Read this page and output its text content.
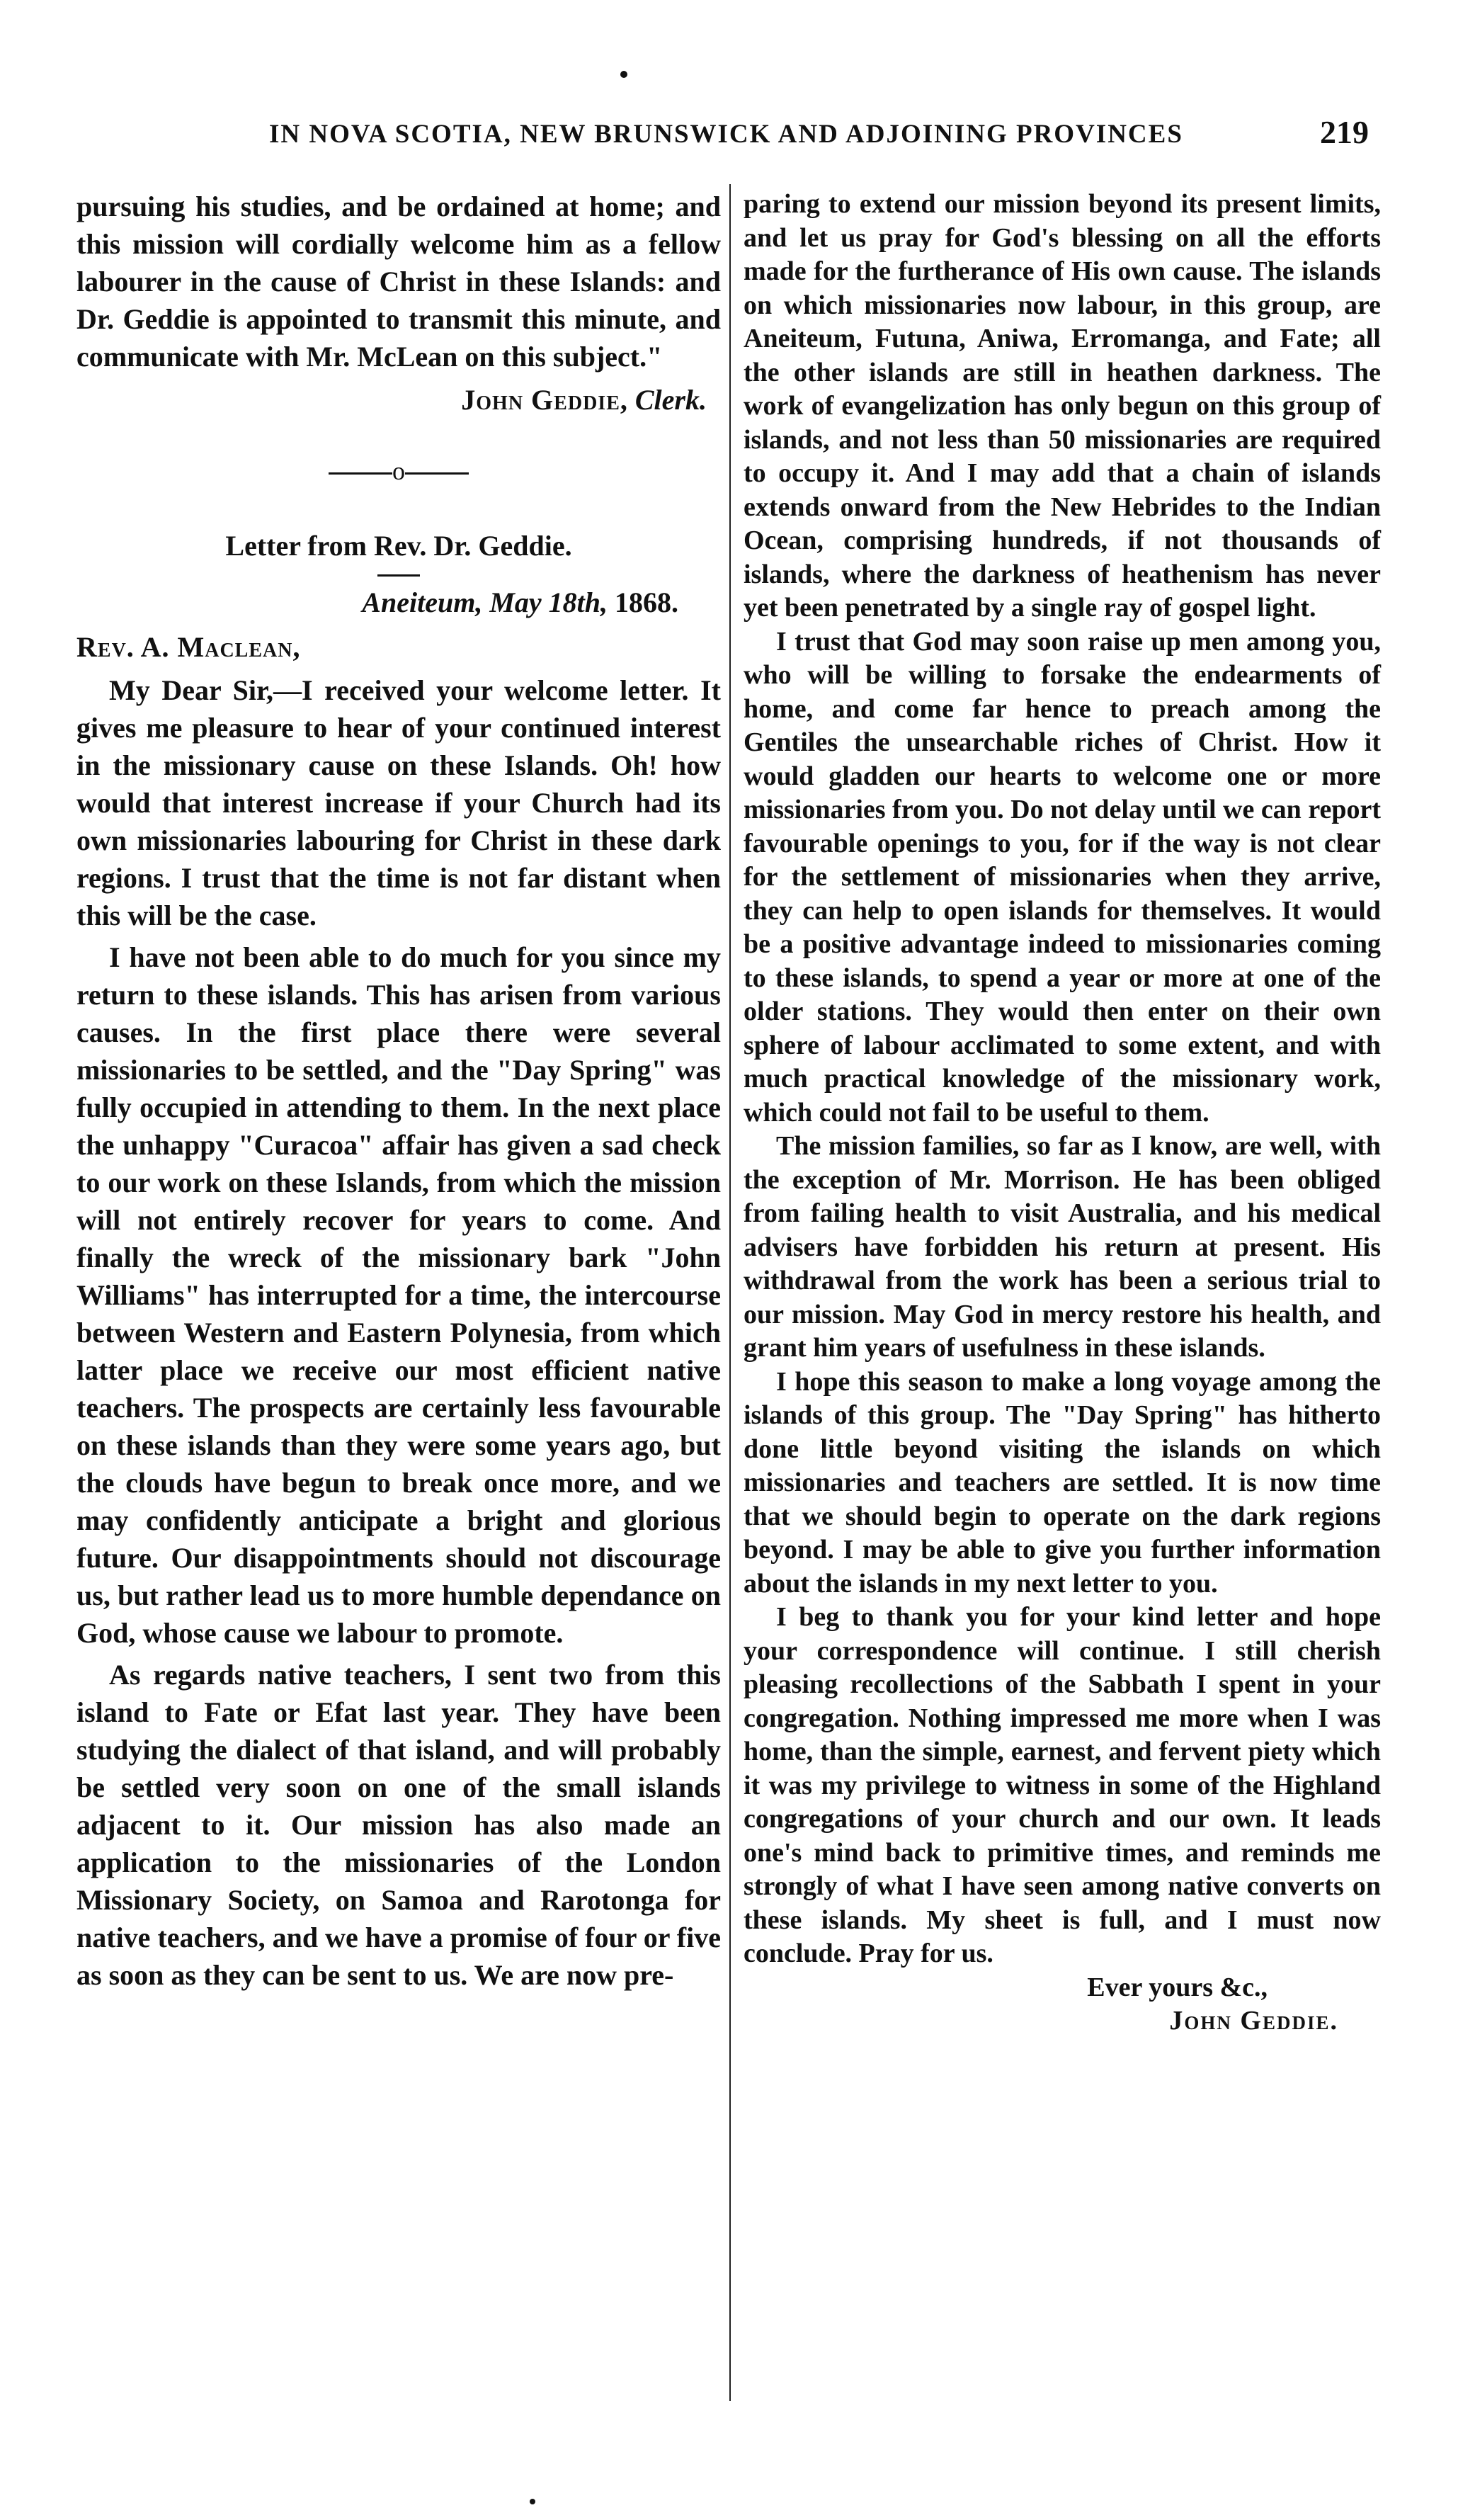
IN NOVA SCOTIA, NEW BRUNSWICK AND ADJOINING PROVINCES	219

pursuing his studies, and be ordained at home; and this mission will cordially welcome him as a fellow labourer in the cause of Christ in these Islands: and Dr. Geddie is appointed to transmit this minute, and communicate with Mr. McLean on this subject."

John Geddie, Clerk.

o

Letter from Rev. Dr. Geddie.

Aneiteum, May 18th, 1868.

Rev. A. Maclean,

My Dear Sir,—I received your welcome letter. It gives me pleasure to hear of your continued interest in the missionary cause on these Islands. Oh! how would that interest increase if your Church had its own missionaries labouring for Christ in these dark regions. I trust that the time is not far distant when this will be the case.

I have not been able to do much for you since my return to these islands. This has arisen from various causes. In the first place there were several missionaries to be settled, and the "Day Spring" was fully occupied in attending to them. In the next place the unhappy "Curacoa" affair has given a sad check to our work on these Islands, from which the mission will not entirely recover for years to come. And finally the wreck of the missionary bark "John Williams" has interrupted for a time, the intercourse between Western and Eastern Polynesia, from which latter place we receive our most efficient native teachers. The prospects are certainly less favourable on these islands than they were some years ago, but the clouds have begun to break once more, and we may confidently anticipate a bright and glorious future. Our disappointments should not discourage us, but rather lead us to more humble dependance on God, whose cause we labour to promote.

As regards native teachers, I sent two from this island to Fate or Efat last year. They have been studying the dialect of that island, and will probably be settled very soon on one of the small islands adjacent to it. Our mission has also made an application to the missionaries of the London Missionary Society, on Samoa and Rarotonga for native teachers, and we have a promise of four or five as soon as they can be sent to us. We are now pre-

paring to extend our mission beyond its present limits, and let us pray for God's blessing on all the efforts made for the furtherance of His own cause. The islands on which missionaries now labour, in this group, are Aneiteum, Futuna, Aniwa, Erromanga, and Fate; all the other islands are still in heathen darkness. The work of evangelization has only begun on this group of islands, and not less than 50 missionaries are required to occupy it. And I may add that a chain of islands extends onward from the New Hebrides to the Indian Ocean, comprising hundreds, if not thousands of islands, where the darkness of heathenism has never yet been penetrated by a single ray of gospel light.

I trust that God may soon raise up men among you, who will be willing to forsake the endearments of home, and come far hence to preach among the Gentiles the unsearchable riches of Christ. How it would gladden our hearts to welcome one or more missionaries from you. Do not delay until we can report favourable openings to you, for if the way is not clear for the settlement of missionaries when they arrive, they can help to open islands for themselves. It would be a positive advantage indeed to missionaries coming to these islands, to spend a year or more at one of the older stations. They would then enter on their own sphere of labour acclimated to some extent, and with much practical knowledge of the missionary work, which could not fail to be useful to them.

The mission families, so far as I know, are well, with the exception of Mr. Morrison. He has been obliged from failing health to visit Australia, and his medical advisers have forbidden his return at present. His withdrawal from the work has been a serious trial to our mission. May God in mercy restore his health, and grant him years of usefulness in these islands.

I hope this season to make a long voyage among the islands of this group. The "Day Spring" has hitherto done little beyond visiting the islands on which missionaries and teachers are settled. It is now time that we should begin to operate on the dark regions beyond. I may be able to give you further information about the islands in my next letter to you.

I beg to thank you for your kind letter and hope your correspondence will continue. I still cherish pleasing recollections of the Sabbath I spent in your congregation. Nothing impressed me more when I was home, than the simple, earnest, and fervent piety which it was my privilege to witness in some of the Highland congregations of your church and our own. It leads one's mind back to primitive times, and reminds me strongly of what I have seen among native converts on these islands. My sheet is full, and I must now conclude. Pray for us.

Ever yours &c.,

John Geddie.
